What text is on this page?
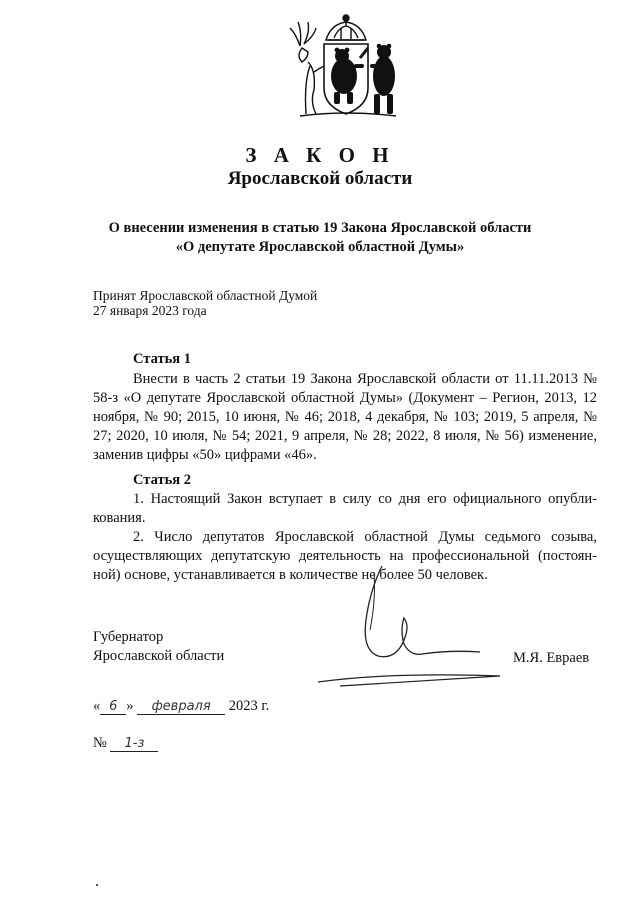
З А К О Н
Ярославской области
О внесении изменения в статью 19 Закона Ярославской области
«О депутате Ярославской областной Думы»
Принят Ярославской областной Думой
27 января 2023 года
Статья 1

Внести в часть 2 статьи 19 Закона Ярославской области от 11.11.2013 № 58-з «О депутате Ярославской областной Думы» (Документ – Регион, 2013, 12 ноября, № 90; 2015, 10 июня, № 46; 2018, 4 декабря, № 103; 2019, 5 апреля, № 27; 2020, 10 июля, № 54; 2021, 9 апреля, № 28; 2022, 8 июля, № 56) изменение, заменив цифры «50» цифрами «46».

Статья 2

1. Настоящий Закон вступает в силу со дня его официального опубли-кования.

2. Число депутатов Ярославской областной Думы седьмого созыва, осуществляющих депутатскую деятельность на профессиональной (постоян-ной) основе, устанавливается в количестве не более 50 человек.

Губернатор
Ярославской области	М.Я. Евраев
« 6 » февраля 2023 г.
№ 1-з
